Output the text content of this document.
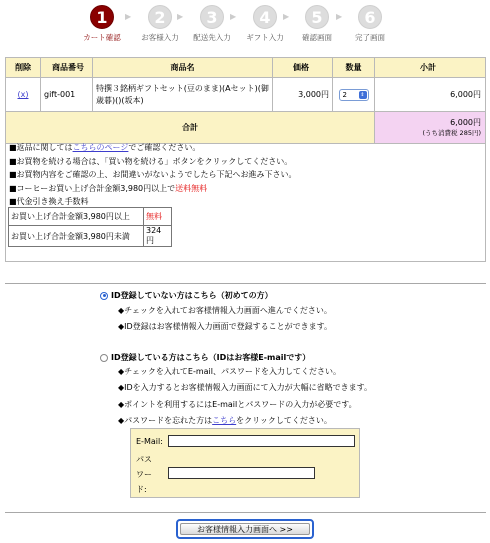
1
カート確認
▶	2
お客様入力
▶	3
配送先入力
▶	4
ギフト入力
▶	5
確認画面
▶	6
完了画面
削除	商品番号	商品名	価格	数量	小計
(x)	gift-001	特撰３銘柄ギフトセット(豆のまま)(Aセット)(御歳暮)()(坂本)	3,000円	2 ⇕	6,000円
合計					6,000円
(うち消費税 285円)
■返品に関してはこちらのページでご確認ください。
■お買物を続ける場合は、「買い物を続ける」ボタンをクリックしてください。
■お買物内容をご確認の上、お間違いがないようでしたら下記へお進み下さい。
■コーヒーお買い上げ合計金額3,980円以上で送料無料
■代金引き換え手数料
お買い上げ合計金額3,980円以上	無料
お買い上げ合計金額3,980円未満	324円
ID登録していない方はこちら（初めての方）
◆チェックを入れてお客様情報入力画面へ進んでください。
◆ID登録はお客様情報入力画面で登録することができます。
ID登録している方はこちら（IDはお客様E-mailです）
◆チェックを入れてE-mail、パスワードを入力してください。
◆IDを入力するとお客様情報入力画面にて入力が大幅に省略できます。
◆ポイントを利用するにはE-mailとパスワードの入力が必要です。
◆パスワードを忘れた方はこちらをクリックしてください。
E-Mail:
パス
ワー
ド:
お客様情報入力画面へ >>
